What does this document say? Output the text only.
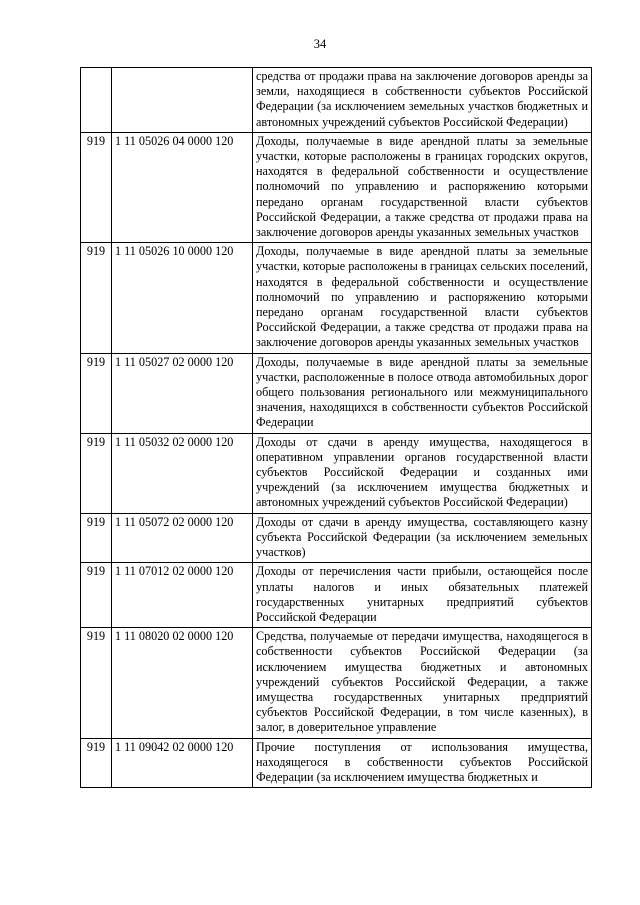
34
		средства от продажи права на заключение договоров аренды за земли, находящиеся в собственности субъектов Российской Федерации (за исключением земельных участков бюджетных и автономных учреждений субъектов Российской Федерации)
919	1 11 05026 04 0000 120	Доходы, получаемые в виде арендной платы за земельные участки, которые расположены в границах городских округов, находятся в федеральной собственности и осуществление полномочий по управлению и распоряжению которыми передано органам государственной власти субъектов Российской Федерации, а также средства от продажи права на заключение договоров аренды указанных земельных участков
919	1 11 05026 10 0000 120	Доходы, получаемые в виде арендной платы за земельные участки, которые расположены в границах сельских поселений, находятся в федеральной собственности и осуществление полномочий по управлению и распоряжению которыми передано органам государственной власти субъектов Российской Федерации, а также средства от продажи права на заключение договоров аренды указанных земельных участков
919	1 11 05027 02 0000 120	Доходы, получаемые в виде арендной платы за земельные участки, расположенные в полосе отвода автомобильных дорог общего пользования регионального или межмуниципального значения, находящихся в собственности субъектов Российской Федерации
919	1 11 05032 02 0000 120	Доходы от сдачи в аренду имущества, находящегося в оперативном управлении органов государственной власти субъектов Российской Федерации и созданных ими учреждений (за исключением имущества бюджетных и автономных учреждений субъектов Российской Федерации)
919	1 11 05072 02 0000 120	Доходы от сдачи в аренду имущества, составляющего казну субъекта Российской Федерации (за исключением земельных участков)
919	1 11 07012 02 0000 120	Доходы от перечисления части прибыли, остающейся после уплаты налогов и иных обязательных платежей государственных унитарных предприятий субъектов Российской Федерации
919	1 11 08020 02 0000 120	Средства, получаемые от передачи имущества, находящегося в собственности субъектов Российской Федерации (за исключением имущества бюджетных и автономных учреждений субъектов Российской Федерации, а также имущества государственных унитарных предприятий субъектов Российской Федерации, в том числе казенных), в залог, в доверительное управление
919	1 11 09042 02 0000 120	Прочие поступления от использования имущества, находящегося в собственности субъектов Российской Федерации (за исключением имущества бюджетных и
